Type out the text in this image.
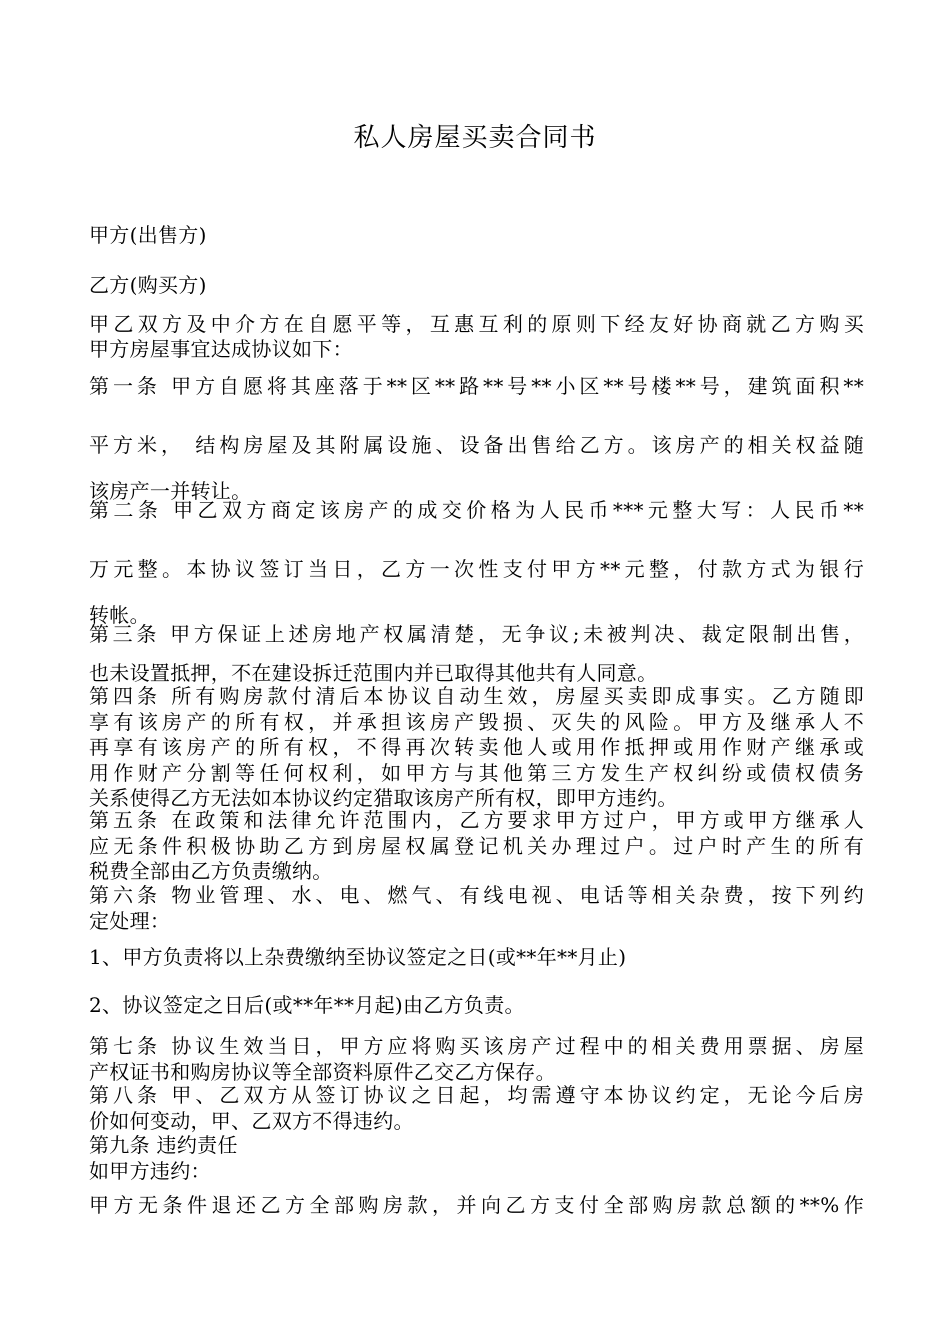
私人房屋买卖合同书
甲方(出售方)
乙方(购买方)
甲乙双方及中介方在自愿平等，互惠互利的原则下经友好协商就乙方购买
甲方房屋事宜达成协议如下：
第一条 甲方自愿将其座落于**区**路**号**小区**号楼**号，建筑面积**
平方米， 结构房屋及其附属设施、设备出售给乙方。该房产的相关权益随
该房产一并转让。
第二条 甲乙双方商定该房产的成交价格为人民币***元整大写：人民币**
万元整。本协议签订当日，乙方一次性支付甲方**元整，付款方式为银行
转帐。
第三条 甲方保证上述房地产权属清楚，无争议;未被判决、裁定限制出售，
也未设置抵押，不在建设拆迁范围内并已取得其他共有人同意。
第四条 所有购房款付清后本协议自动生效，房屋买卖即成事实。乙方随即
享有该房产的所有权，并承担该房产毁损、灭失的风险。甲方及继承人不
再享有该房产的所有权，不得再次转卖他人或用作抵押或用作财产继承或
用作财产分割等任何权利，如甲方与其他第三方发生产权纠纷或债权债务
关系使得乙方无法如本协议约定猎取该房产所有权，即甲方违约。
第五条 在政策和法律允许范围内，乙方要求甲方过户，甲方或甲方继承人
应无条件积极协助乙方到房屋权属登记机关办理过户。过户时产生的所有
税费全部由乙方负责缴纳。
第六条 物业管理、水、电、燃气、有线电视、电话等相关杂费，按下列约
定处理：
1、甲方负责将以上杂费缴纳至协议签定之日(或**年**月止)
2、协议签定之日后(或**年**月起)由乙方负责。
第七条 协议生效当日，甲方应将购买该房产过程中的相关费用票据、房屋
产权证书和购房协议等全部资料原件乙交乙方保存。
第八条 甲、乙双方从签订协议之日起，均需遵守本协议约定，无论今后房
价如何变动，甲、乙双方不得违约。
第九条 违约责任
如甲方违约：
甲方无条件退还乙方全部购房款，并向乙方支付全部购房款总额的**%作
